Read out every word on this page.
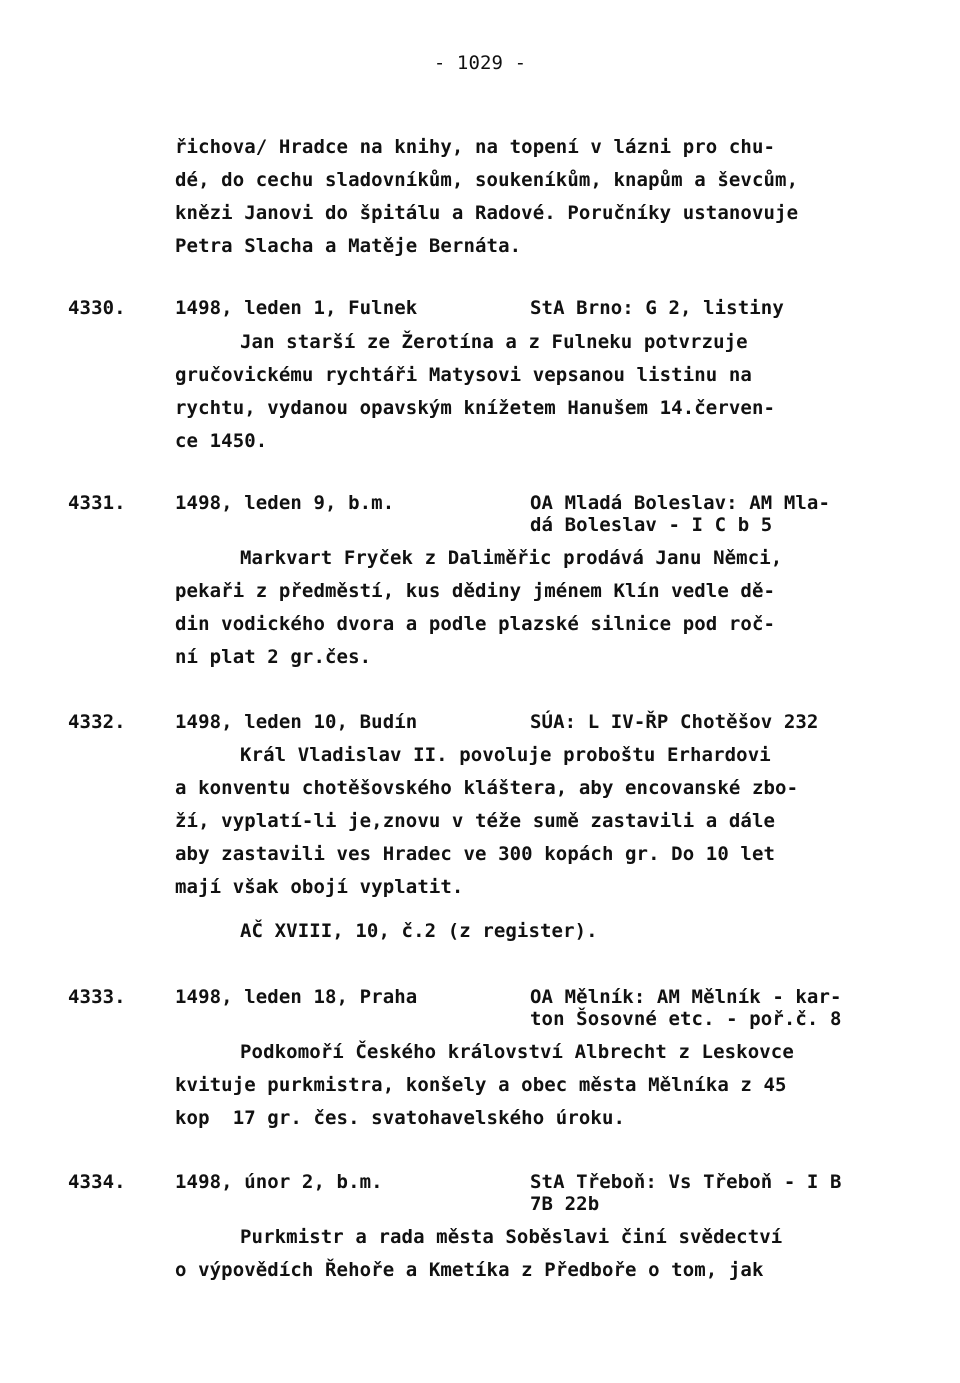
- 1029 -
řichova/ Hradce na knihy, na topení v lázni pro chu-
dé, do cechu sladovníkům, soukeníkům, knapům a ševcům,
knězi Janovi do špitálu a Radové. Poručníky ustanovuje
Petra Slacha a Matěje Bernáta.
4330.	1498, leden 1, Fulnek	StA Brno: G 2, listiny
Jan starší ze Žerotína a z Fulneku potvrzuje
gručovickému rychtáři Matysovi vepsanou listinu na
rychtu, vydanou opavským knížetem Hanušem 14.červen-
ce 1450.
4331.	1498, leden 9, b.m.	OA Mladá Boleslav: AM Mla-
dá Boleslav - I C b 5
Markvart Fryček z Daliměřic prodává Janu Němci,
pekaři z předměstí, kus dědiny jménem Klín vedle dě-
din vodického dvora a podle plazské silnice pod roč-
ní plat 2 gr.čes.
4332.	1498, leden 10, Budín	SÚA: L IV-ŘP Chotěšov 232
Král Vladislav II. povoluje proboštu Erhardovi
a konventu chotěšovského kláštera, aby encovanské zbo-
ží, vyplatí-li je,znovu v téže sumě zastavili a dále
aby zastavili ves Hradec ve 300 kopách gr. Do 10 let
mají však obojí vyplatit.
AČ XVIII, 10, č.2 (z register).
4333.	1498, leden 18, Praha	OA Mělník: AM Mělník - kar-
ton Šosovné etc. - poř.č. 8
Podkomoří Českého království Albrecht z Leskovce
kvituje purkmistra, konšely a obec města Mělníka z 45
kop  17 gr. čes. svatohavelského úroku.
4334.	1498, únor 2, b.m.	StA Třeboň: Vs Třeboň - I B
7B 22b
Purkmistr a rada města Soběslavi činí svědectví
o výpovědích Řehoře a Kmetíka z Předboře o tom, jak
